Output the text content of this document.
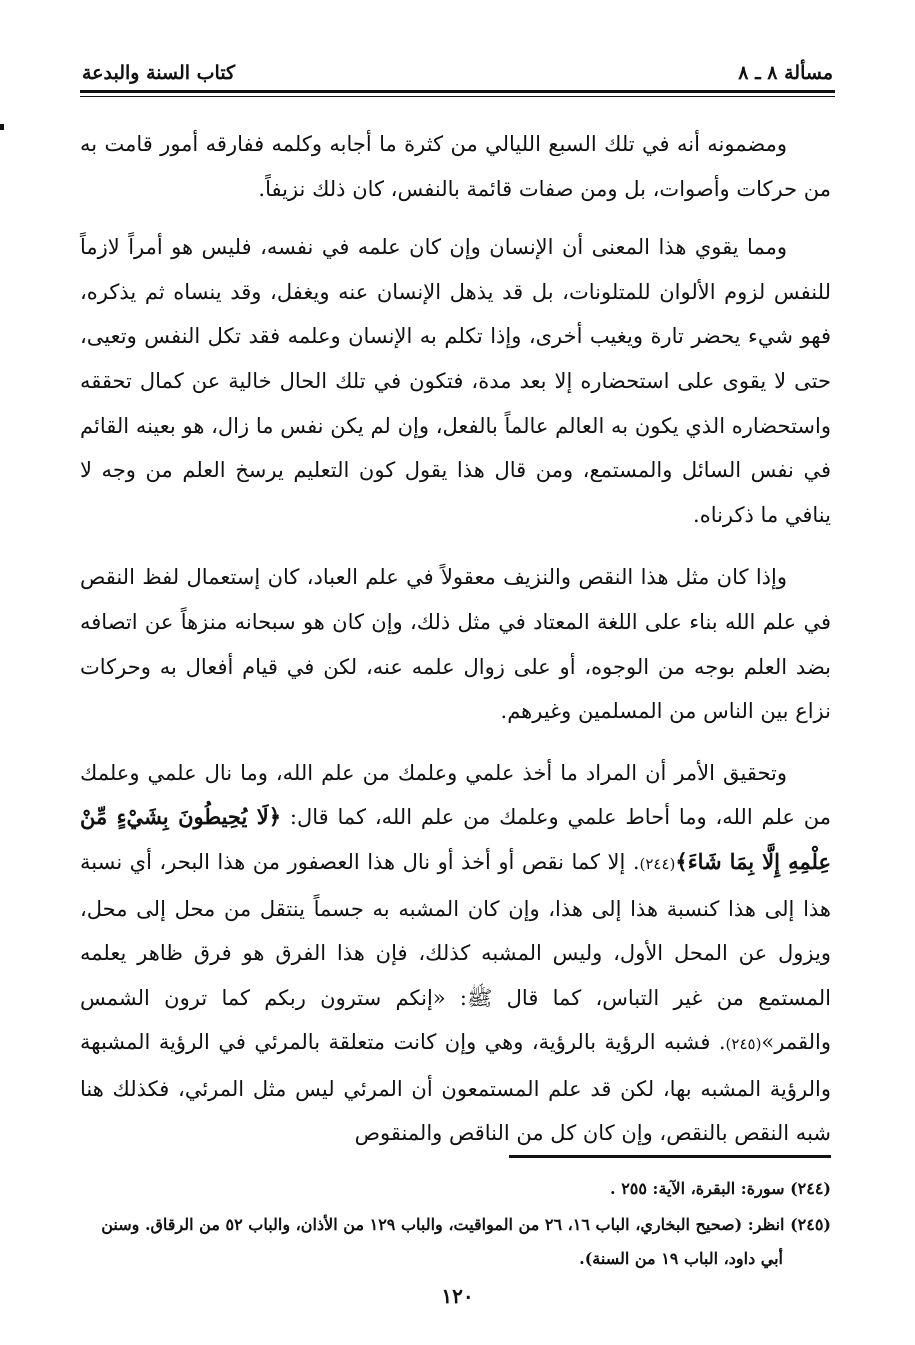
مسألة ٨ ـ ٨
كتاب السنة والبدعة

ومضمونه أنه في تلك السبع الليالي من كثرة ما أجابه وكلمه ففارقه أمور قامت به من حركات وأصوات، بل ومن صفات قائمة بالنفس، كان ذلك نزيفاً.

ومما يقوي هذا المعنى أن الإنسان وإن كان علمه في نفسه، فليس هو أمراً لازماً للنفس لزوم الألوان للمتلونات، بل قد يذهل الإنسان عنه ويغفل، وقد ينساه ثم يذكره، فهو شيء يحضر تارة ويغيب أخرى، وإذا تكلم به الإنسان وعلمه فقد تكل النفس وتعيى، حتى لا يقوى على استحضاره إلا بعد مدة، فتكون في تلك الحال خالية عن كمال تحققه واستحضاره الذي يكون به العالم عالماً بالفعل، وإن لم يكن نفس ما زال، هو بعينه القائم في نفس السائل والمستمع، ومن قال هذا يقول كون التعليم يرسخ العلم من وجه لا ينافي ما ذكرناه.

وإذا كان مثل هذا النقص والنزيف معقولاً في علم العباد، كان إستعمال لفظ النقص في علم الله بناء على اللغة المعتاد في مثل ذلك، وإن كان هو سبحانه منزهاً عن اتصافه بضد العلم بوجه من الوجوه، أو على زوال علمه عنه، لكن في قيام أفعال به وحركات نزاع بين الناس من المسلمين وغيرهم.

وتحقيق الأمر أن المراد ما أخذ علمي وعلمك من علم الله، وما نال علمي وعلمك من علم الله، وما أحاط علمي وعلمك من علم الله، كما قال: ﴿لَا يُحِيطُونَ بِشَيْءٍ مِّنْ عِلْمِهِ إِلَّا بِمَا شَاءَ﴾(٢٤٤). إلا كما نقص أو أخذ أو نال هذا العصفور من هذا البحر، أي نسبة هذا إلى هذا كنسبة هذا إلى هذا، وإن كان المشبه به جسماً ينتقل من محل إلى محل، ويزول عن المحل الأول، وليس المشبه كذلك، فإن هذا الفرق هو فرق ظاهر يعلمه المستمع من غير التباس، كما قال ﷺ: «إنكم سترون ربكم كما ترون الشمس والقمر»(٢٤٥). فشبه الرؤية بالرؤية، وهي وإن كانت متعلقة بالمرئي في الرؤية المشبهة والرؤية المشبه بها، لكن قد علم المستمعون أن المرئي ليس مثل المرئي، فكذلك هنا شبه النقص بالنقص، وإن كان كل من الناقص والمنقوص

(٢٤٤) سورة: البقرة، الآية: ٢٥٥ .

(٢٤٥) انظر: (صحيح البخاري، الباب ١٦، ٢٦ من المواقيت، والباب ١٢٩ من الأذان، والباب ٥٢ من الرقاق. وسنن أبي داود، الباب ١٩ من السنة).

١٢٠
